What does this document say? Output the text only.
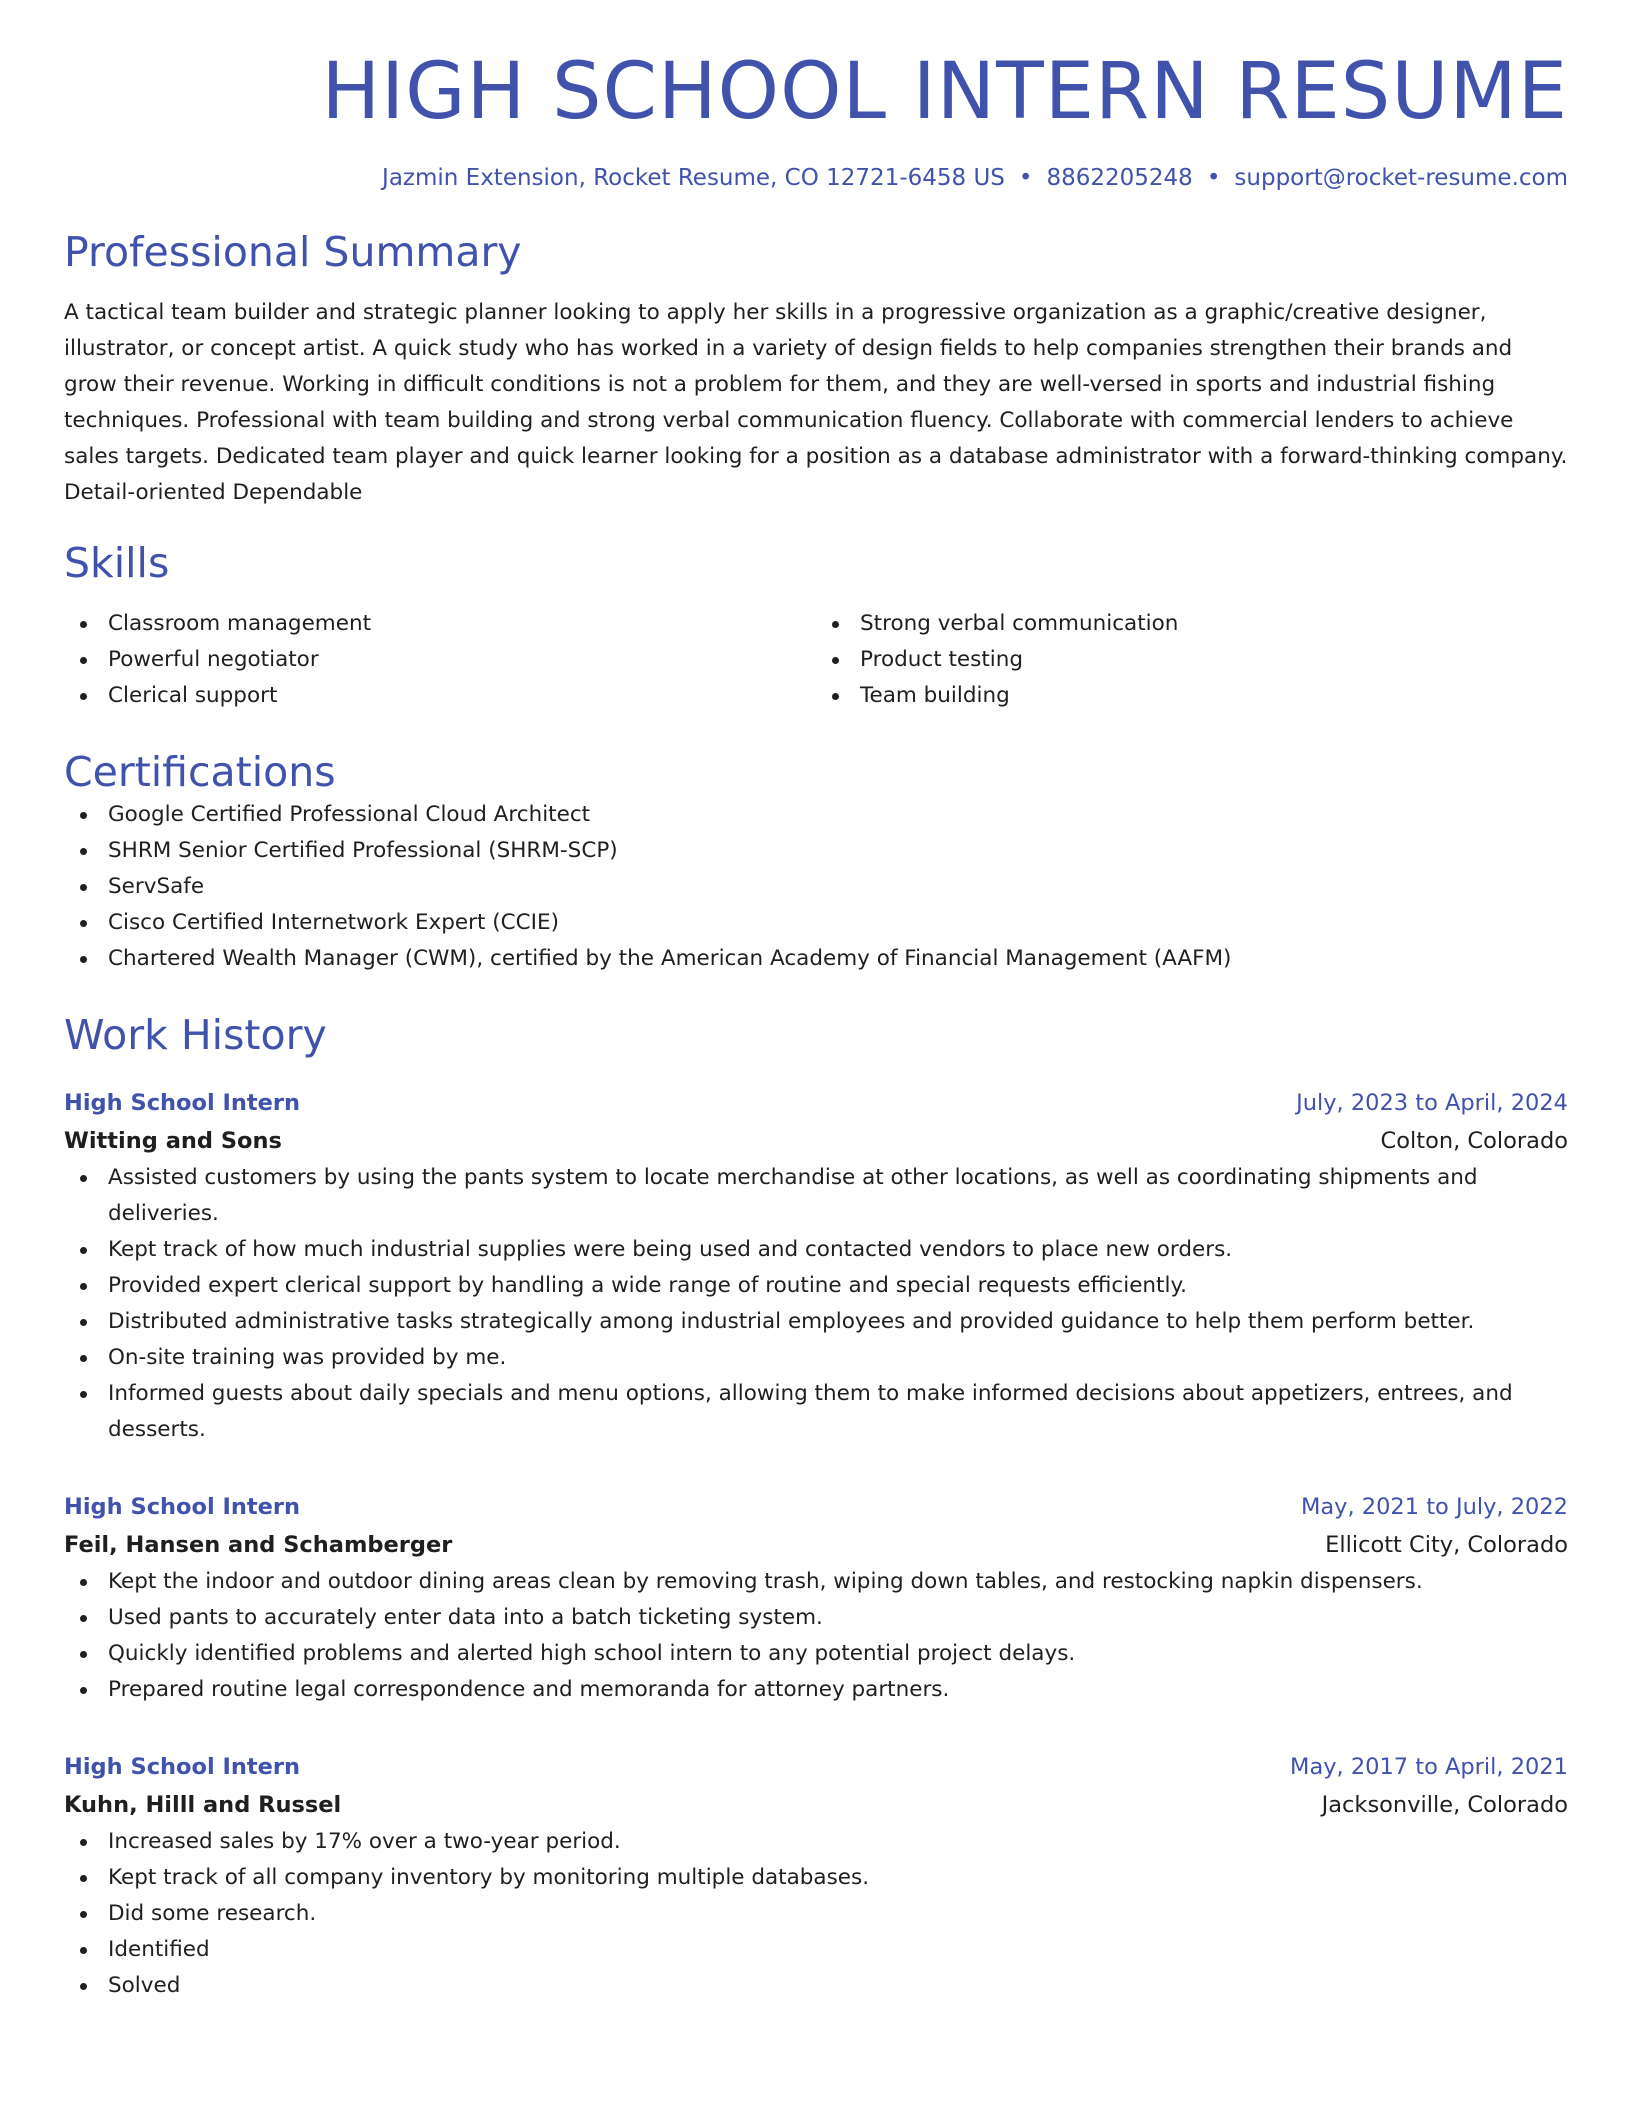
HIGH SCHOOL INTERN RESUME
Jazmin Extension, Rocket Resume, CO 12721-6458 US • 8862205248 • support@rocket-resume.com
Professional Summary
A tactical team builder and strategic planner looking to apply her skills in a progressive organization as a graphic/creative designer, illustrator, or concept artist. A quick study who has worked in a variety of design fields to help companies strengthen their brands and grow their revenue. Working in difficult conditions is not a problem for them, and they are well-versed in sports and industrial fishing techniques. Professional with team building and strong verbal communication fluency. Collaborate with commercial lenders to achieve sales targets. Dedicated team player and quick learner looking for a position as a database administrator with a forward-thinking company. Detail-oriented Dependable
Skills
Classroom management
Powerful negotiator
Clerical support
Strong verbal communication
Product testing
Team building
Certifications
Google Certified Professional Cloud Architect
SHRM Senior Certified Professional (SHRM-SCP)
ServSafe
Cisco Certified Internetwork Expert (CCIE)
Chartered Wealth Manager (CWM), certified by the American Academy of Financial Management (AAFM)
Work History
High School Intern	July, 2023 to April, 2024
Witting and Sons	Colton, Colorado
Assisted customers by using the pants system to locate merchandise at other locations, as well as coordinating shipments and deliveries.
Kept track of how much industrial supplies were being used and contacted vendors to place new orders.
Provided expert clerical support by handling a wide range of routine and special requests efficiently.
Distributed administrative tasks strategically among industrial employees and provided guidance to help them perform better.
On-site training was provided by me.
Informed guests about daily specials and menu options, allowing them to make informed decisions about appetizers, entrees, and desserts.
High School Intern	May, 2021 to July, 2022
Feil, Hansen and Schamberger	Ellicott City, Colorado
Kept the indoor and outdoor dining areas clean by removing trash, wiping down tables, and restocking napkin dispensers.
Used pants to accurately enter data into a batch ticketing system.
Quickly identified problems and alerted high school intern to any potential project delays.
Prepared routine legal correspondence and memoranda for attorney partners.
High School Intern	May, 2017 to April, 2021
Kuhn, Hilll and Russel	Jacksonville, Colorado
Increased sales by 17% over a two-year period.
Kept track of all company inventory by monitoring multiple databases.
Did some research.
Identified
Solved
